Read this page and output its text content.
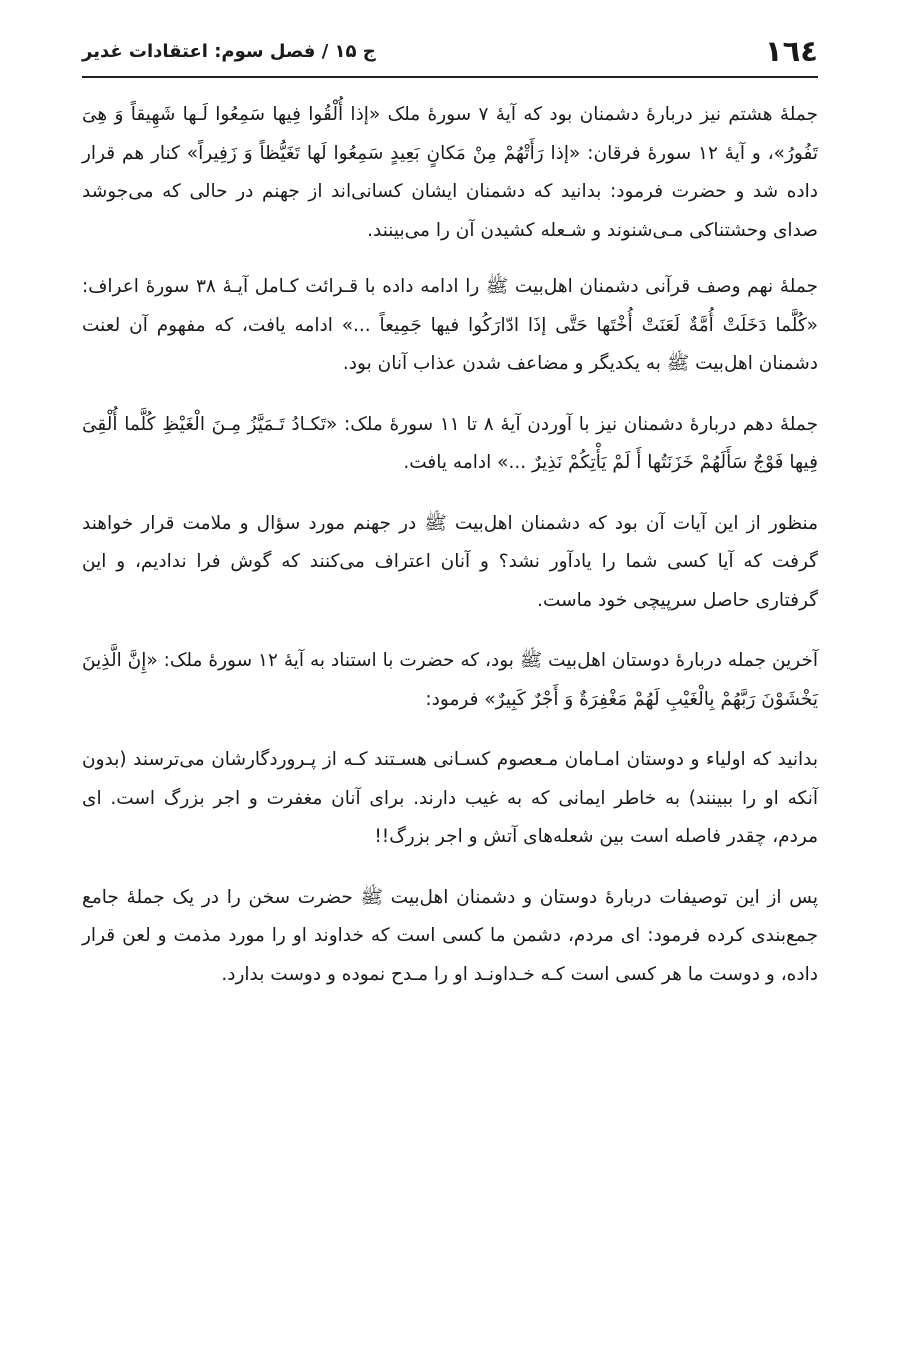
١٦٤
ج ۱۵ / فصل سوم: اعتقادات غدیر

جملۀ هشتم نیز دربارۀ دشمنان بود که آیۀ ۷ سورۀ ملک «إذا أُلْقُوا فِیها سَمِعُوا لَـها شَهِیقاً وَ هِیَ تَفُورُ»، و آیۀ ۱۲ سورۀ فرقان: «إذا رَأَتْهُمْ مِنْ مَکانٍ بَعِیدٍ سَمِعُوا لَها تَغَیُّظاً وَ زَفِیراً» کنار هم قرار داده شد و حضرت فرمود: بدانید که دشمنان ایشان کسانی‌اند از جهنم در حالی که می‌جوشد صدای وحشتناکی مـی‌شنوند و شـعله کشیدن آن را می‌بینند.

جملۀ نهم وصف قرآنی دشمنان اهل‌بیت ﷺ را ادامه داده با قـرائت کـامل آیـۀ ۳۸ سورۀ اعراف: «کُلَّما دَخَلَتْ أُمَّةٌ لَعَنَتْ أُخْتَها حَتَّی إذَا ادّارَکُوا فیها جَمِیعاً ...» ادامه یافت، که مفهوم آن لعنت دشمنان اهل‌بیت ﷺ به یکدیگر و مضاعف شدن عذاب آنان بود.

جملۀ دهم دربارۀ دشمنان نیز با آوردن آیۀ ۸ تا ۱۱ سورۀ ملک: «تَکـادُ تَـمَیَّزُ مِـنَ الْغَیْظِ کُلَّما أُلْقِیَ فِیها فَوْجٌ سَأَلَهُمْ خَزَنَتُها أَ لَمْ یَأْتِکُمْ نَذِیرٌ ...» ادامه یافت.

منظور از این آیات آن بود که دشمنان اهل‌بیت ﷺ در جهنم مورد سؤال و ملامت قرار خواهند گرفت که آیا کسی شما را یادآور نشد؟ و آنان اعتراف می‌کنند که گوش فرا ندادیم، و این گرفتاری حاصل سرپیچی خود ماست.

آخرین جمله دربارۀ دوستان اهل‌بیت ﷺ بود، که حضرت با استناد به آیۀ ۱۲ سورۀ ملک: «إِنَّ الَّذِینَ یَخْشَوْنَ رَبَّهُمْ بِالْغَیْبِ لَهُمْ مَغْفِرَةٌ وَ أَجْرٌ کَبِیرٌ» فرمود:

بدانید که اولیاء و دوستان امـامان مـعصوم کسـانی هسـتند کـه از پـروردگارشان می‌ترسند (بدون آنکه او را ببینند) به خاطر ایمانی که به غیب دارند. برای آنان مغفرت و اجر بزرگ است. ای مردم، چقدر فاصله است بین شعله‌های آتش و اجر بزرگ!!

پس از این توصیفات دربارۀ دوستان و دشمنان اهل‌بیت ﷺ حضرت سخن را در یک جملۀ جامع جمع‌بندی کرده فرمود: ای مردم، دشمن ما کسی است که خداوند او را مورد مذمت و لعن قرار داده، و دوست ما هر کسی است کـه خـداونـد او را مـدح نموده و دوست بدارد.
